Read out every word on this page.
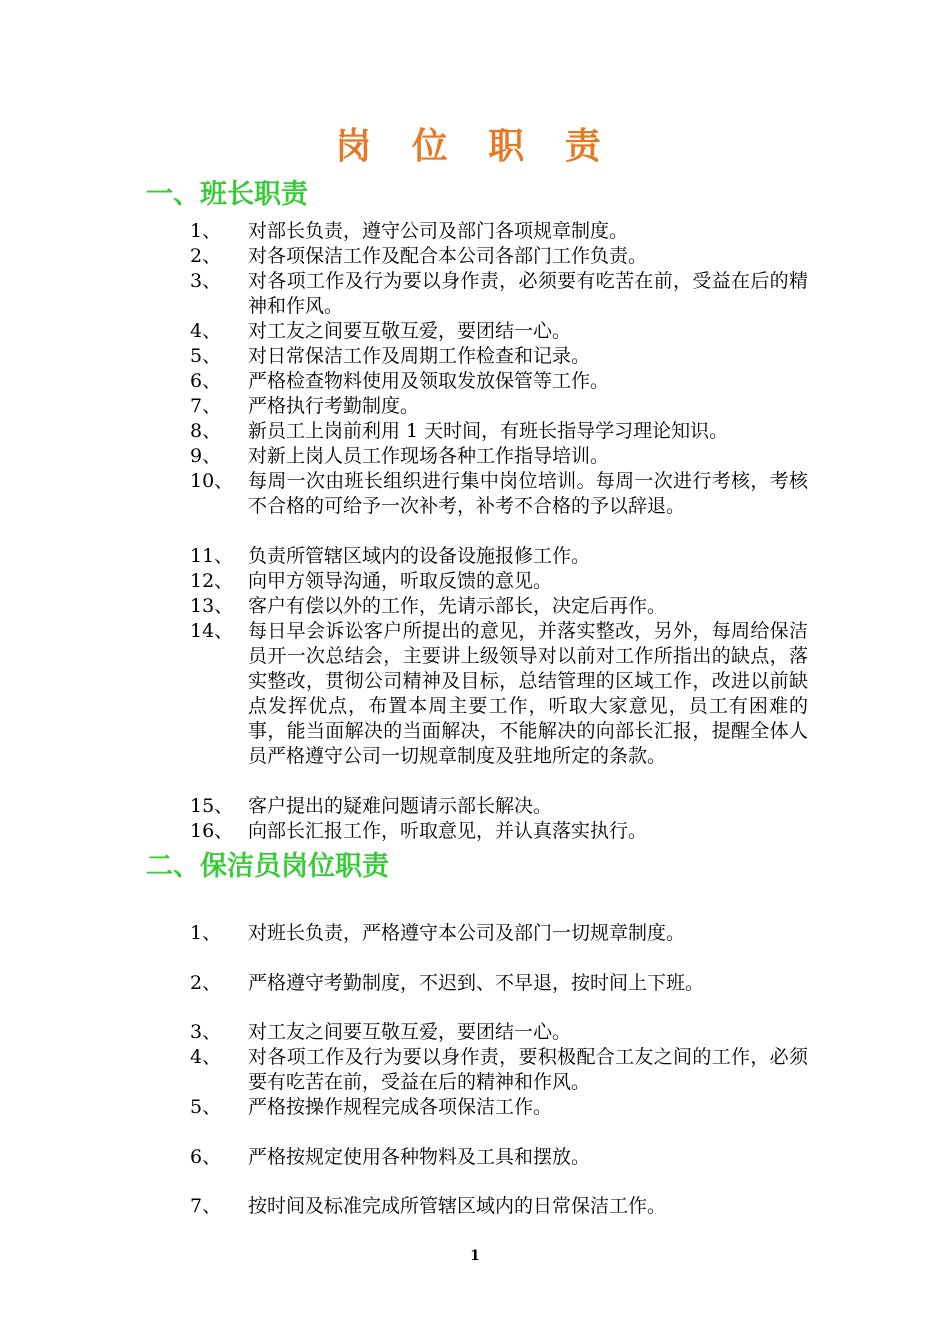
岗 位 职 责
一、班长职责
1、	对部长负责，遵守公司及部门各项规章制度。
2、	对各项保洁工作及配合本公司各部门工作负责。
3、	对各项工作及行为要以身作责，必须要有吃苦在前，受益在后的精神和作风。
4、	对工友之间要互敬互爱，要团结一心。
5、	对日常保洁工作及周期工作检查和记录。
6、	严格检查物料使用及领取发放保管等工作。
7、	严格执行考勤制度。
8、	新员工上岗前利用 1 天时间，有班长指导学习理论知识。
9、	对新上岗人员工作现场各种工作指导培训。
10、 每周一次由班长组织进行集中岗位培训。每周一次进行考核，考核不合格的可给予一次补考，补考不合格的予以辞退。
11、 负责所管辖区域内的设备设施报修工作。
12、 向甲方领导沟通，听取反馈的意见。
13、 客户有偿以外的工作，先请示部长，决定后再作。
14、 每日早会诉讼客户所提出的意见，并落实整改，另外，每周给保洁员开一次总结会，主要讲上级领导对以前对工作所指出的缺点，落实整改，贯彻公司精神及目标，总结管理的区域工作，改进以前缺点发挥优点，布置本周主要工作，听取大家意见，员工有困难的事，能当面解决的当面解决，不能解决的向部长汇报，提醒全体人员严格遵守公司一切规章制度及驻地所定的条款。
15、 客户提出的疑难问题请示部长解决。
16、 向部长汇报工作，听取意见，并认真落实执行。
二、保洁员岗位职责
1、	对班长负责，严格遵守本公司及部门一切规章制度。
2、	严格遵守考勤制度，不迟到、不早退，按时间上下班。
3、	对工友之间要互敬互爱，要团结一心。
4、	对各项工作及行为要以身作责，要积极配合工友之间的工作，必须要有吃苦在前，受益在后的精神和作风。
5、	严格按操作规程完成各项保洁工作。
6、	严格按规定使用各种物料及工具和摆放。
7、	按时间及标准完成所管辖区域内的日常保洁工作。
1
